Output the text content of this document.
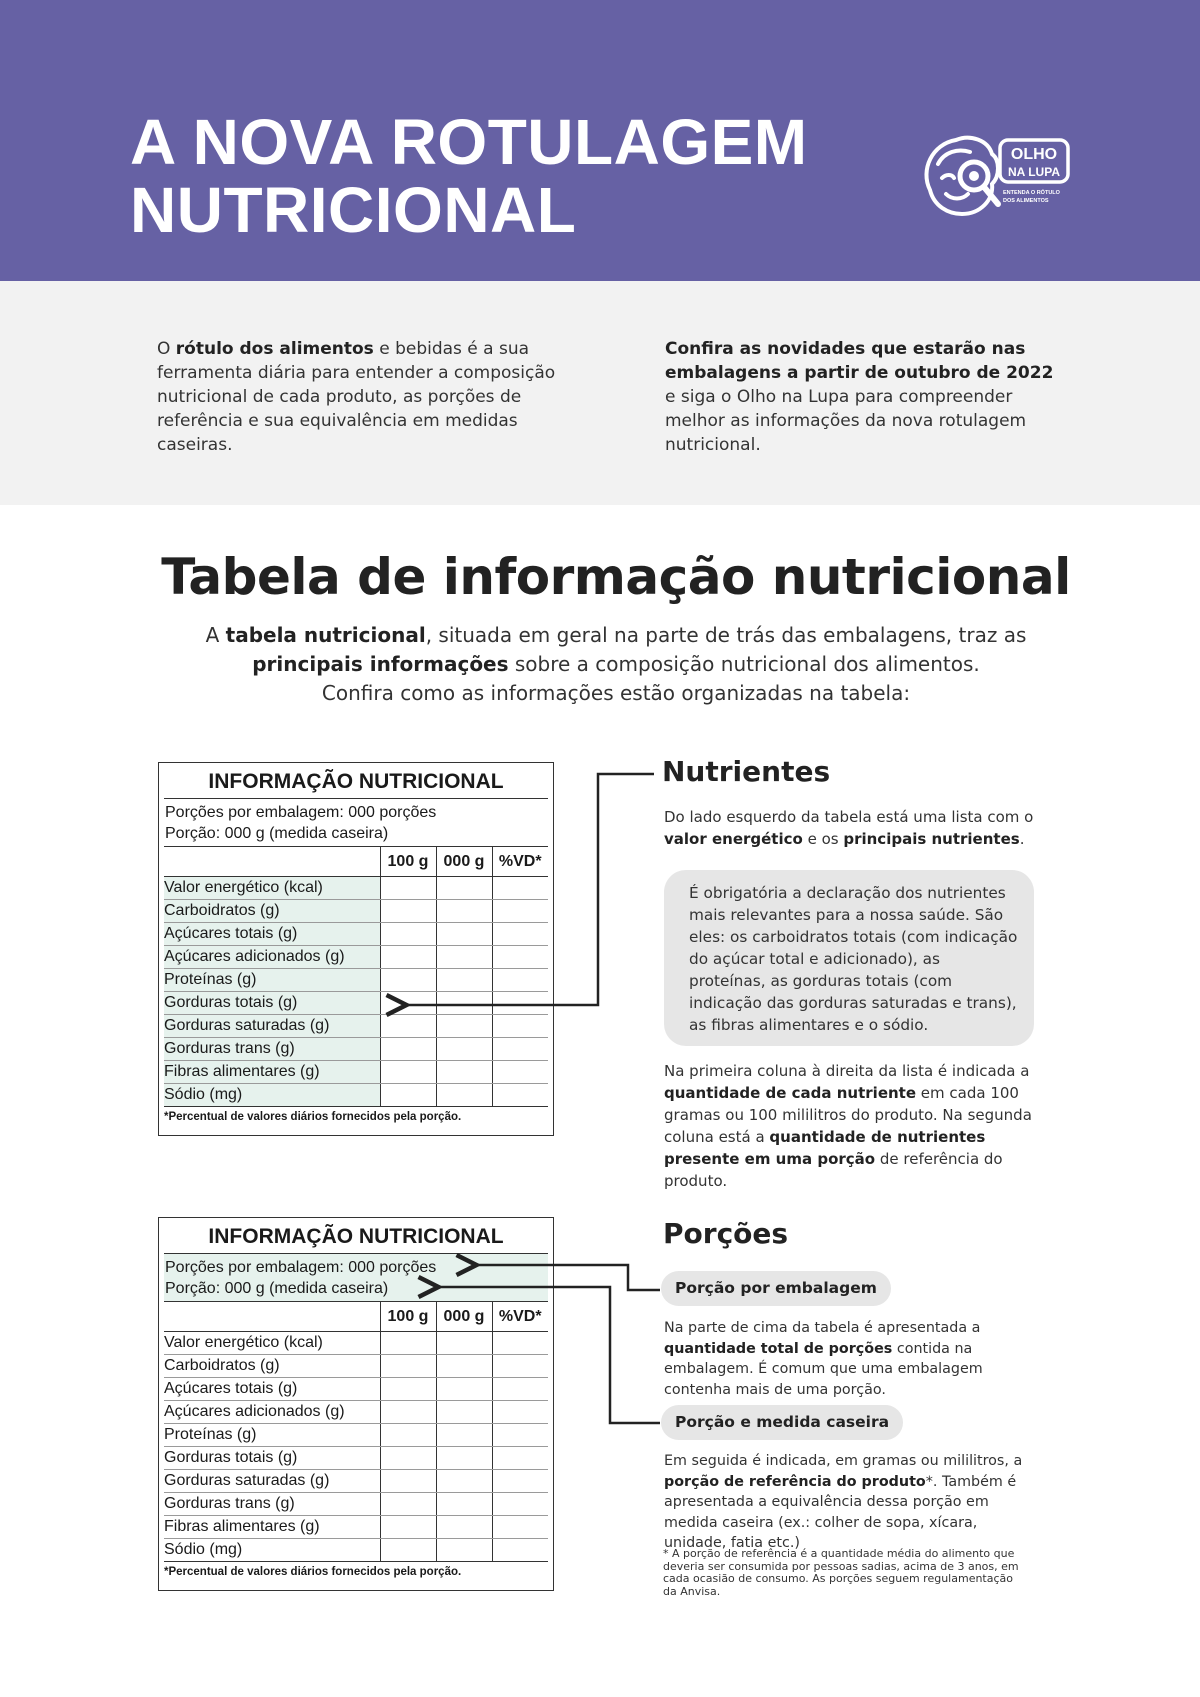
A NOVA ROTULAGEM
NUTRICIONAL
OLHO
NA LUPA
ENTENDA O RÓTULO
DOS ALIMENTOS

O rótulo dos alimentos e bebidas é a sua ferramenta diária para entender a composição nutricional de cada produto, as porções de referência e sua equivalência em medidas caseiras.

Confira as novidades que estarão nas embalagens a partir de outubro de 2022 e siga o Olho na Lupa para compreender melhor as informações da nova rotulagem nutricional.

Tabela de informação nutricional

A tabela nutricional, situada em geral na parte de trás das embalagens, traz as
principais informações sobre a composição nutricional dos alimentos.
Confira como as informações estão organizadas na tabela:

INFORMAÇÃO NUTRICIONAL
Porções por embalagem: 000 porções
Porção: 000 g (medida caseira)
	100 g	000 g	%VD*
Valor energético (kcal)			
Carboidratos (g)			
Açúcares totais (g)			
Açúcares adicionados (g)			
Proteínas (g)			
Gorduras totais (g)			
Gorduras saturadas (g)			
Gorduras trans (g)			
Fibras alimentares (g)			
Sódio (mg)			
*Percentual de valores diários fornecidos pela porção.
INFORMAÇÃO NUTRICIONAL
Porções por embalagem: 000 porções
Porção: 000 g (medida caseira)
	100 g	000 g	%VD*
Valor energético (kcal)			
Carboidratos (g)			
Açúcares totais (g)			
Açúcares adicionados (g)			
Proteínas (g)			
Gorduras totais (g)			
Gorduras saturadas (g)			
Gorduras trans (g)			
Fibras alimentares (g)			
Sódio (mg)			
*Percentual de valores diários fornecidos pela porção.
Nutrientes

Do lado esquerdo da tabela está uma lista com o valor energético e os principais nutrientes.

É obrigatória a declaração dos nutrientes mais relevantes para a nossa saúde. São eles: os carboidratos totais (com indicação do açúcar total e adicionado), as proteínas, as gorduras totais (com indicação das gorduras saturadas e trans), as fibras alimentares e o sódio.

Na primeira coluna à direita da lista é indicada a quantidade de cada nutriente em cada 100 gramas ou 100 mililitros do produto. Na segunda coluna está a quantidade de nutrientes presente em uma porção de referência do produto.

Porções
Porção por embalagem

Na parte de cima da tabela é apresentada a quantidade total de porções contida na embalagem. É comum que uma embalagem contenha mais de uma porção.

Porção e medida caseira

Em seguida é indicada, em gramas ou mililitros, a porção de referência do produto*. Também é apresentada a equivalência dessa porção em medida caseira (ex.: colher de sopa, xícara, unidade, fatia etc.)

* A porção de referência é a quantidade média do alimento que deveria ser consumida por pessoas sadias, acima de 3 anos, em cada ocasião de consumo. As porções seguem regulamentação da Anvisa.
